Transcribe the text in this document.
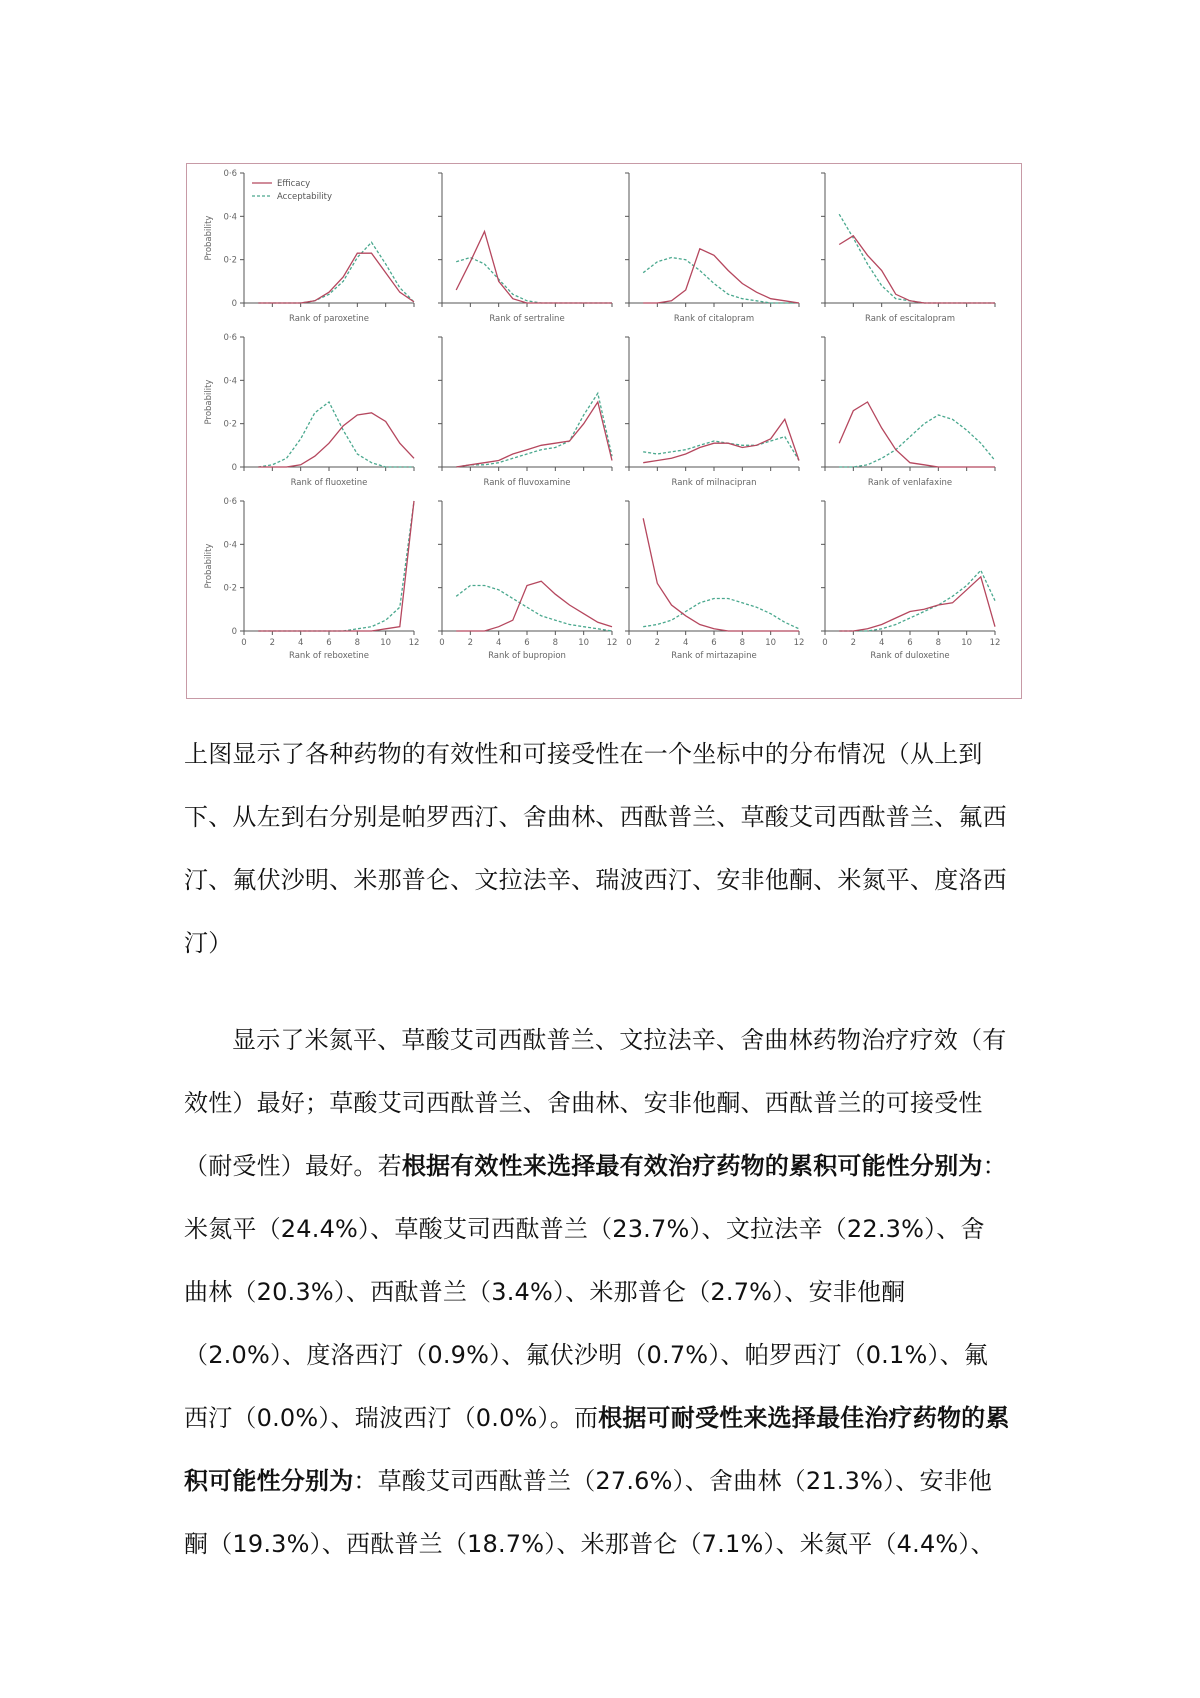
0
0·2
0·4
0·6
Probability
Rank of paroxetine	Rank of sertraline	Rank of citalopram	Rank of escitalopram
0
0·2
0·4
0·6
Probability
Rank of fluoxetine	Rank of fluvoxamine	Rank of milnacipran	Rank of venlafaxine
0
0·2
0·4
0·6
0	2	4	6	8 10 12
Probability
Rank of reboxetine
0	2	4	6	8 10 12
Rank of bupropion
0	2	4	6	8 10 12
Rank of mirtazapine
0	2	4	6	8 10 12
Rank of duloxetine
Efficacy
Acceptability
上图显示了各种药物的有效性和可接受性在一个坐标中的分布情况（从上到
下、从左到右分别是帕罗西汀、舍曲林、西酞普兰、草酸艾司西酞普兰、氟西
汀、氟伏沙明、米那普仑、文拉法辛、瑞波西汀、安非他酮、米氮平、度洛西
汀）
显示了米氮平、草酸艾司西酞普兰、文拉法辛、舍曲林药物治疗疗效（有
效性）最好；草酸艾司西酞普兰、舍曲林、安非他酮、西酞普兰的可接受性
（耐受性）最好。若根据有效性来选择最有效治疗药物的累积可能性分别为：
米氮平（24.4%）、草酸艾司西酞普兰（23.7%）、文拉法辛（22.3%）、舍
曲林（20.3%）、西酞普兰（3.4%）、米那普仑（2.7%）、安非他酮
（2.0%）、度洛西汀（0.9%）、氟伏沙明（0.7%）、帕罗西汀（0.1%）、氟
西汀（0.0%）、瑞波西汀（0.0%）。而根据可耐受性来选择最佳治疗药物的累
积可能性分别为：草酸艾司西酞普兰（27.6%）、舍曲林（21.3%）、安非他
酮（19.3%）、西酞普兰（18.7%）、米那普仑（7.1%）、米氮平（4.4%）、
